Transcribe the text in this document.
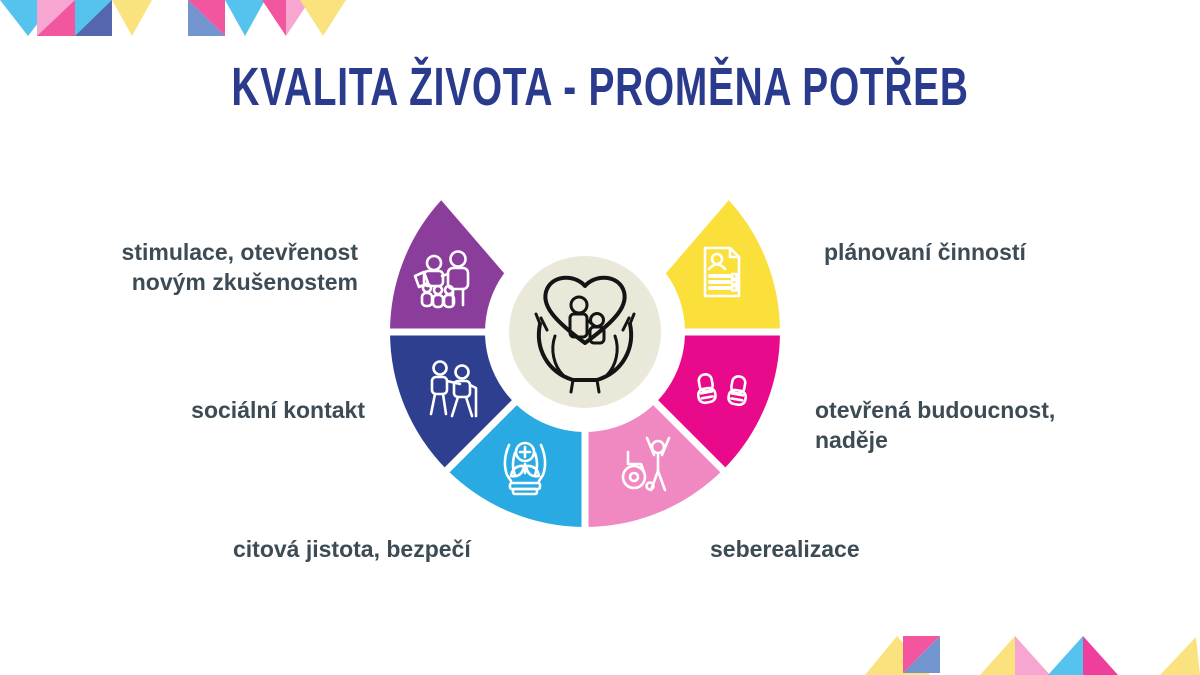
KVALITA ŽIVOTA - PROMĚNA POTŘEB
stimulace, otevřenost
novým zkušenostem
sociální kontakt
citová jistota, bezpečí	seberealizace
otevřená budoucnost,
naděje
plánovaní činností
